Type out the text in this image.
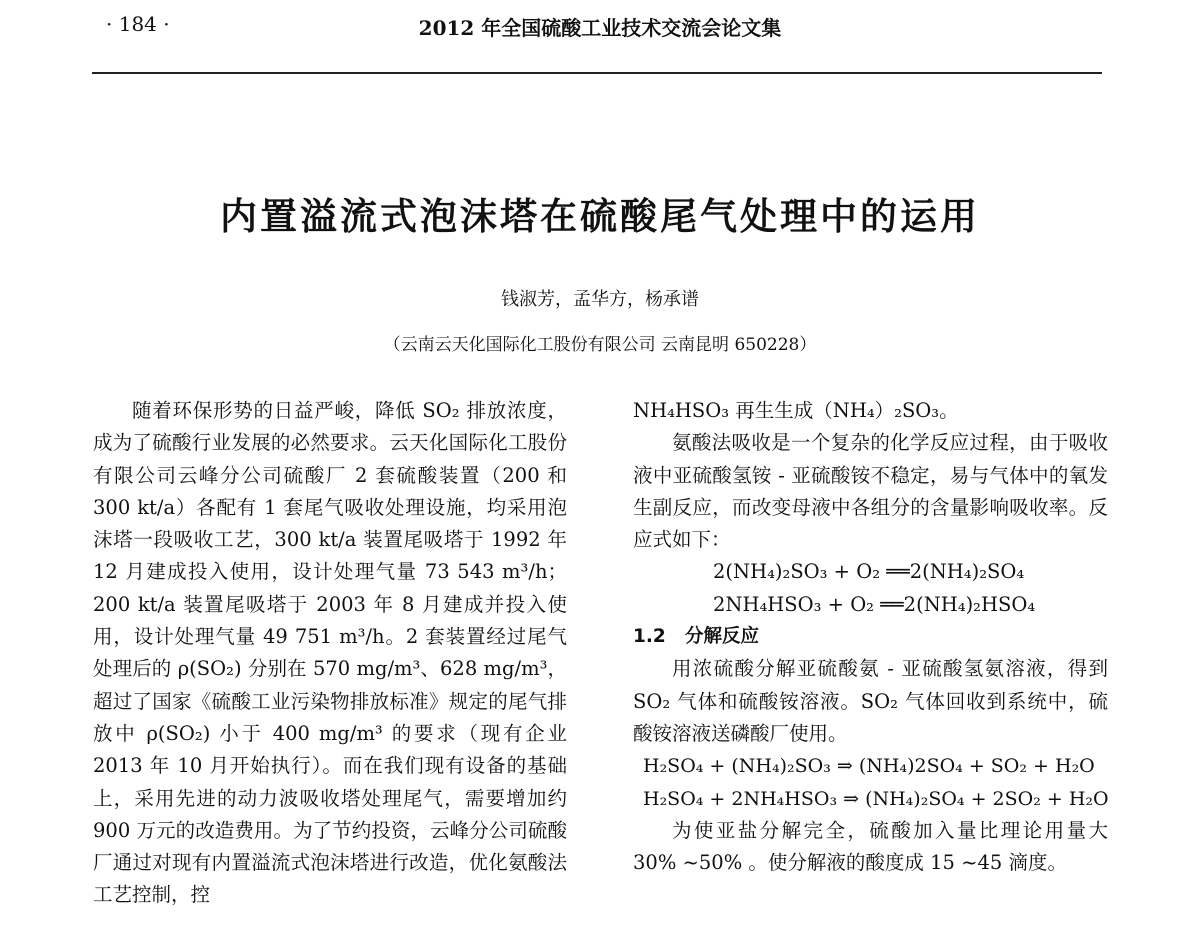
· 184 ·	2012 年全国硫酸工业技术交流会论文集
内置溢流式泡沫塔在硫酸尾气处理中的运用
钱淑芳，孟华方，杨承谱
（云南云天化国际化工股份有限公司 云南昆明 650228）

随着环保形势的日益严峻，降低 SO₂ 排放浓度，成为了硫酸行业发展的必然要求。云天化国际化工股份有限公司云峰分公司硫酸厂 2 套硫酸装置（200 和 300 kt/a）各配有 1 套尾气吸收处理设施，均采用泡沫塔一段吸收工艺，300 kt/a 装置尾吸塔于 1992 年 12 月建成投入使用，设计处理气量 73 543 m³/h；200 kt/a 装置尾吸塔于 2003 年 8 月建成并投入使用，设计处理气量 49 751 m³/h。2 套装置经过尾气处理后的 ρ(SO₂) 分别在 570 mg/m³、628 mg/m³，超过了国家《硫酸工业污染物排放标准》规定的尾气排放中 ρ(SO₂) 小于 400 mg/m³ 的要求（现有企业 2013 年 10 月开始执行）。而在我们现有设备的基础上，采用先进的动力波吸收塔处理尾气，需要增加约 900 万元的改造费用。为了节约投资，云峰分公司硫酸厂通过对现有内置溢流式泡沫塔进行改造，优化氨酸法工艺控制，控

NH₄HSO₃ 再生生成（NH₄）₂SO₃。

氨酸法吸收是一个复杂的化学反应过程，由于吸收液中亚硫酸氢铵 - 亚硫酸铵不稳定，易与气体中的氧发生副反应，而改变母液中各组分的含量影响吸收率。反应式如下：

2(NH₄)₂SO₃ + O₂ ══2(NH₄)₂SO₄

2NH₄HSO₃ + O₂ ══2(NH₄)₂HSO₄

1.2 分解反应

用浓硫酸分解亚硫酸氨 - 亚硫酸氢氨溶液，得到 SO₂ 气体和硫酸铵溶液。SO₂ 气体回收到系统中，硫酸铵溶液送磷酸厂使用。

H₂SO₄ + (NH₄)₂SO₃ ⇒ (NH₄)2SO₄ + SO₂ + H₂O

H₂SO₄ + 2NH₄HSO₃ ⇒ (NH₄)₂SO₄ + 2SO₂ + H₂O

为使亚盐分解完全，硫酸加入量比理论用量大 30% ~50% 。使分解液的酸度成 15 ~45 滴度。
